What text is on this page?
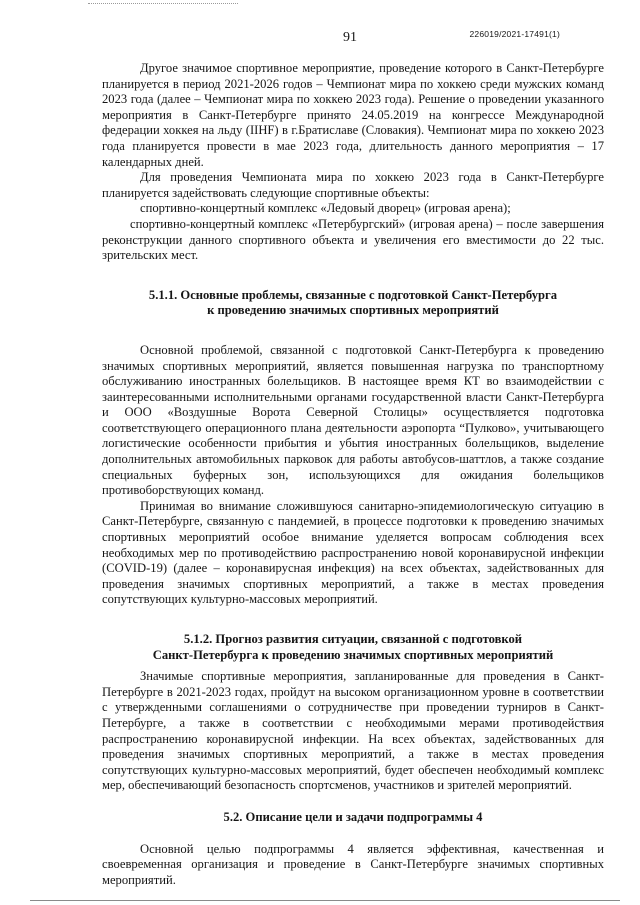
91	226019/2021-17491(1)

Другое значимое спортивное мероприятие, проведение которого в Санкт-Петербурге планируется в период 2021-2026 годов – Чемпионат мира по хоккею среди мужских команд 2023 года (далее – Чемпионат мира по хоккею 2023 года). Решение о проведении указанного мероприятия в Санкт-Петербурге принято 24.05.2019 на конгрессе Международной федерации хоккея на льду (IIHF) в г.Братиславе (Словакия). Чемпионат мира по хоккею 2023 года планируется провести в мае 2023 года, длительность данного мероприятия – 17 календарных дней.

Для проведения Чемпионата мира по хоккею 2023 года в Санкт-Петербурге планируется задействовать следующие спортивные объекты:

спортивно-концертный комплекс «Ледовый дворец» (игровая арена);

спортивно-концертный комплекс «Петербургский» (игровая арена) – после завершения реконструкции данного спортивного объекта и увеличения его вместимости до 22 тыс. зрительских мест.

5.1.1. Основные проблемы, связанные с подготовкой Санкт-Петербурга
к проведению значимых спортивных мероприятий

Основной проблемой, связанной с подготовкой Санкт-Петербурга к проведению значимых спортивных мероприятий, является повышенная нагрузка по транспортному обслуживанию иностранных болельщиков. В настоящее время КТ во взаимодействии с заинтересованными исполнительными органами государственной власти Санкт-Петербурга и ООО «Воздушные Ворота Северной Столицы» осуществляется подготовка соответствующего операционного плана деятельности аэропорта “Пулково», учитывающего логистические особенности прибытия и убытия иностранных болельщиков, выделение дополнительных автомобильных парковок для работы автобусов-шаттлов, а также создание специальных буферных зон, использующихся для ожидания болельщиков противоборствующих команд.

Принимая во внимание сложившуюся санитарно-эпидемиологическую ситуацию в Санкт-Петербурге, связанную с пандемией, в процессе подготовки к проведению значимых спортивных мероприятий особое внимание уделяется вопросам соблюдения всех необходимых мер по противодействию распространению новой коронавирусной инфекции (COVID-19) (далее – коронавирусная инфекция) на всех объектах, задействованных для проведения значимых спортивных мероприятий, а также в местах проведения сопутствующих культурно-массовых мероприятий.

5.1.2. Прогноз развития ситуации, связанной с подготовкой
Санкт-Петербурга к проведению значимых спортивных мероприятий

Значимые спортивные мероприятия, запланированные для проведения в Санкт-Петербурге в 2021-2023 годах, пройдут на высоком организационном уровне в соответствии с утвержденными соглашениями о сотрудничестве при проведении турниров в Санкт-Петербурге, а также в соответствии с необходимыми мерами противодействия распространению коронавирусной инфекции. На всех объектах, задействованных для проведения значимых спортивных мероприятий, а также в местах проведения сопутствующих культурно-массовых мероприятий, будет обеспечен необходимый комплекс мер, обеспечивающий безопасность спортсменов, участников и зрителей мероприятий.

5.2. Описание цели и задачи подпрограммы 4

Основной целью подпрограммы 4 является эффективная, качественная и своевременная организация и проведение в Санкт-Петербурге значимых спортивных мероприятий.
